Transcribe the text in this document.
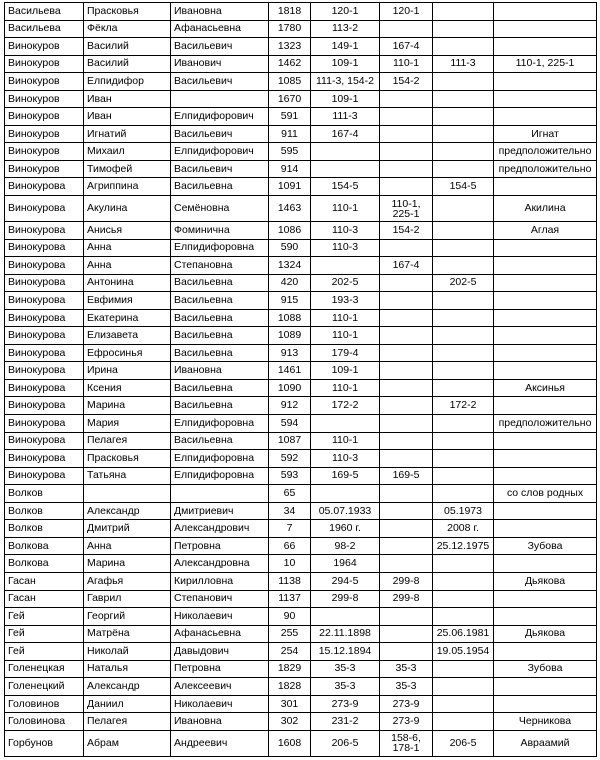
Васильева	Прасковья	Ивановна	1818	120-1	120-1		
Васильева	Фёкла	Афанасьевна	1780	113-2			
Винокуров	Василий	Васильевич	1323	149-1	167-4		
Винокуров	Василий	Иванович	1462	109-1	110-1	111-3	110-1, 225-1
Винокуров	Елпидифор	Васильевич	1085	111-3, 154-2	154-2		
Винокуров	Иван		1670	109-1			
Винокуров	Иван	Елпидифорович	591	111-3			
Винокуров	Игнатий	Васильевич	911	167-4			Игнат
Винокуров	Михаил	Елпидифорович	595				предположительно
Винокуров	Тимофей	Васильевич	914				предположительно
Винокурова	Агриппина	Васильевна	1091	154-5		154-5	
Винокурова	Акулина	Семёновна	1463	110-1	110-1, 225-1		Акилина
Винокурова	Анисья	Фоминична	1086	110-3	154-2		Аглая
Винокурова	Анна	Елпидифоровна	590	110-3			
Винокурова	Анна	Степановна	1324		167-4		
Винокурова	Антонина	Васильевна	420	202-5		202-5	
Винокурова	Евфимия	Васильевна	915	193-3			
Винокурова	Екатерина	Васильевна	1088	110-1			
Винокурова	Елизавета	Васильевна	1089	110-1			
Винокурова	Ефросинья	Васильевна	913	179-4			
Винокурова	Ирина	Ивановна	1461	109-1			
Винокурова	Ксения	Васильевна	1090	110-1			Аксинья
Винокурова	Марина	Васильевна	912	172-2		172-2	
Винокурова	Мария	Елпидифоровна	594				предположительно
Винокурова	Пелагея	Васильевна	1087	110-1			
Винокурова	Прасковья	Елпидифоровна	592	110-3			
Винокурова	Татьяна	Елпидифоровна	593	169-5	169-5		
Волков			65				со слов родных
Волков	Александр	Дмитриевич	34	05.07.1933		05.1973	
Волков	Дмитрий	Александрович	7	1960 г.		2008 г.	
Волкова	Анна	Петровна	66	98-2		25.12.1975	Зубова
Волкова	Марина	Александровна	10	1964			
Гасан	Агафья	Кирилловна	1138	294-5	299-8		Дьякова
Гасан	Гаврил	Степанович	1137	299-8	299-8		
Гей	Георгий	Николаевич	90				
Гей	Матрёна	Афанасьевна	255	22.11.1898		25.06.1981	Дьякова
Гей	Николай	Давыдович	254	15.12.1894		19.05.1954	
Голенецкая	Наталья	Петровна	1829	35-3	35-3		Зубова
Голенецкий	Александр	Алексеевич	1828	35-3	35-3		
Головинов	Даниил	Николаевич	301	273-9	273-9		
Головинова	Пелагея	Ивановна	302	231-2	273-9		Черникова
Горбунов	Абрам	Андреевич	1608	206-5	158-6, 178-1	206-5	Авраамий
